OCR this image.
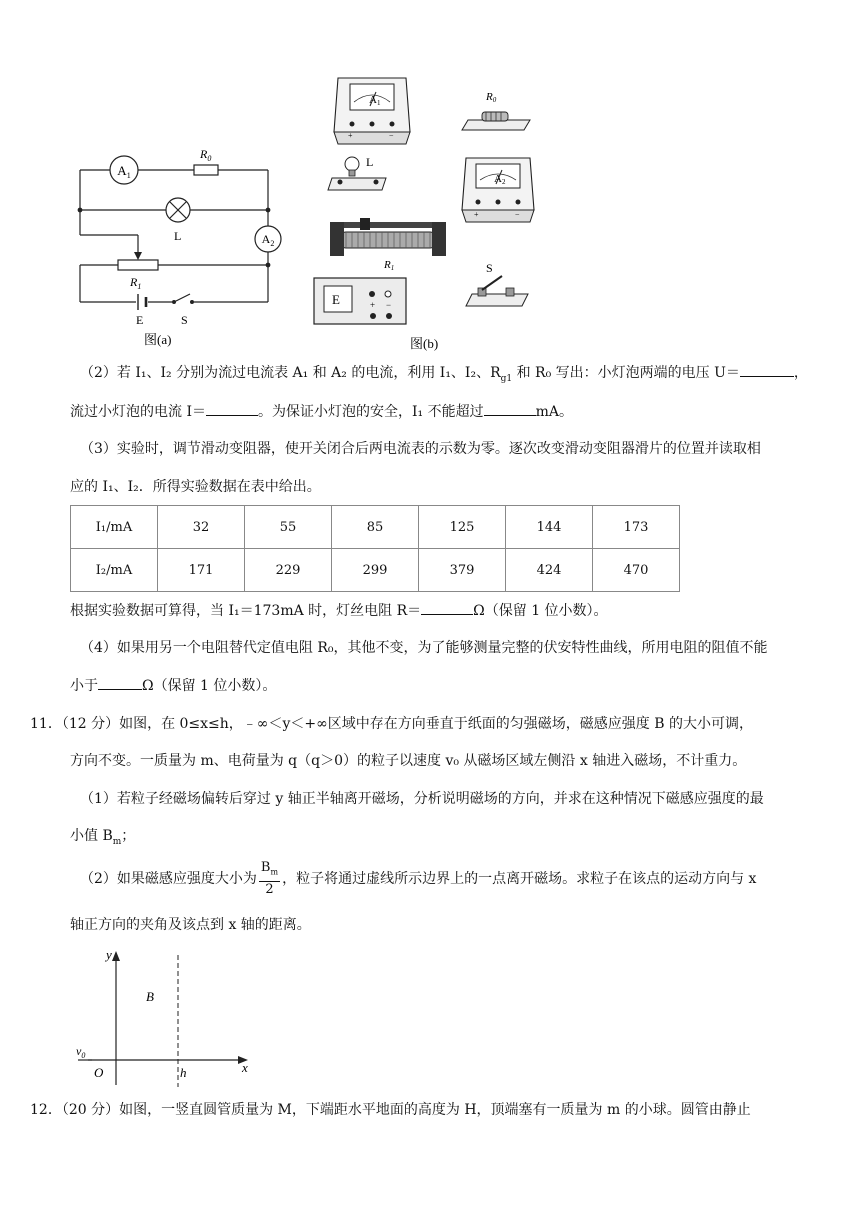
$A_1$
$R_0$
L	$A_2$
$R_1$
E	S
图(a)
A1
+	−
R0
L
A2
+	−
R1	S
E	+ −
图(b)
（2）若 I₁、I₂ 分别为流过电流表 A₁ 和 A₂ 的电流，利用 I₁、I₂、$R_{g1}$ 和 R₀ 写出：小灯泡两端的电压 U＝	，
流过小灯泡的电流 I＝	。为保证小灯泡的安全，I₁ 不能超过	mA。
（3）实验时，调节滑动变阻器，使开关闭合后两电流表的示数为零。逐次改变滑动变阻器滑片的位置并读取相
应的 I₁、I₂．所得实验数据在表中给出。
I₁/mA	32	55	85	125	144	173
I₂/mA	171	229	299	379	424	470
根据实验数据可算得，当 I₁＝173mA 时，灯丝电阻 R＝	Ω（保留 1 位小数）。
（4）如果用另一个电阻替代定值电阻 R₀，其他不变，为了能够测量完整的伏安特性曲线，所用电阻的阻值不能
小于	Ω（保留 1 位小数）。
11．（12 分）如图，在 0≤x≤h，﹣∞＜y＜+∞区域中存在方向垂直于纸面的匀强磁场，磁感应强度 B 的大小可调，
方向不变。一质量为 m、电荷量为 q（q＞0）的粒子以速度 v₀ 从磁场区域左侧沿 x 轴进入磁场，不计重力。
（1）若粒子经磁场偏转后穿过 y 轴正半轴离开磁场，分析说明磁场的方向，并求在这种情况下磁感应强度的最
小值 $B_m$；
（2）如果磁感应强度大小为 $\frac{B_m}{2}$ ，粒子将通过虚线所示边界上的一点离开磁场。求粒子在该点的运动方向与 x
轴正方向的夹角及该点到 x 轴的距离。
y
x
B
$v_0$
O	h
12．（20 分）如图，一竖直圆管质量为 M，下端距水平地面的高度为 H，顶端塞有一质量为 m 的小球。圆管由静止
